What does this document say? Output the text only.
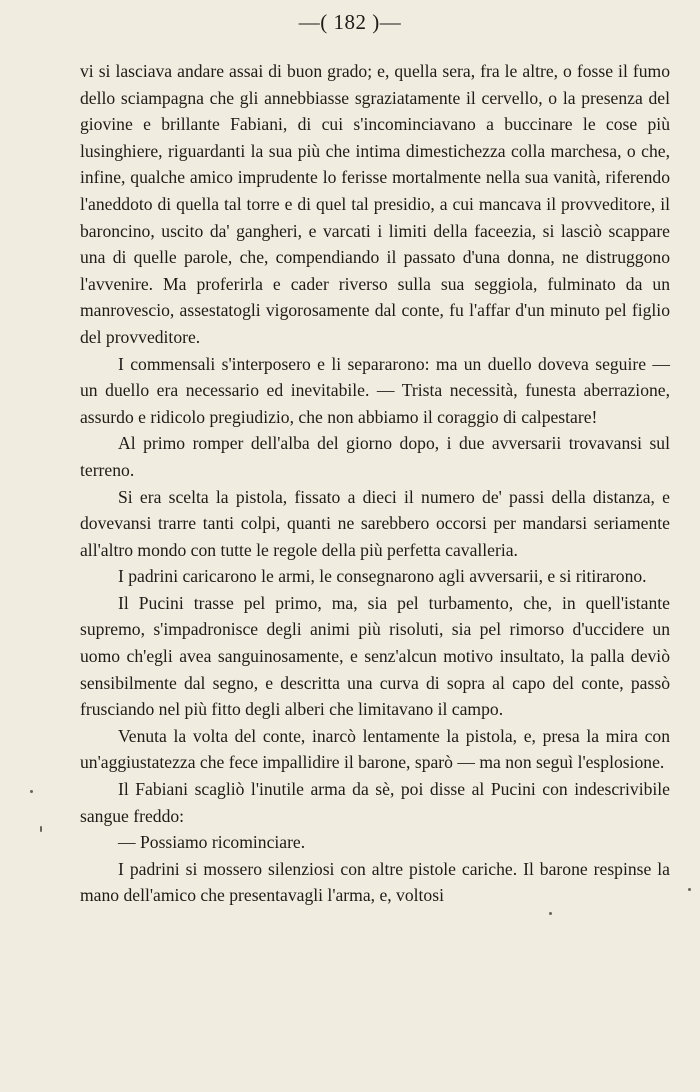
—( 182 )—

vi si lasciava andare assai di buon grado; e, quella sera, fra le altre, o fosse il fumo dello sciampagna che gli annebbiasse sgraziatamente il cervello, o la presenza del giovine e brillante Fabiani, di cui s'incominciavano a buccinare le cose più lusinghiere, riguardanti la sua più che intima dimestichezza colla marchesa, o che, infine, qualche amico imprudente lo ferisse mortalmente nella sua vanità, riferendo l'aneddoto di quella tal torre e di quel tal presidio, a cui mancava il provveditore, il baroncino, uscito da' gangheri, e varcati i limiti della faceezia, si lasciò scappare una di quelle parole, che, compendiando il passato d'una donna, ne distruggono l'avvenire. Ma proferirla e cader riverso sulla sua seggiola, fulminato da un manrovescio, assestatogli vigorosamente dal conte, fu l'affar d'un minuto pel figlio del provveditore.

I commensali s'interposero e li separarono: ma un duello doveva seguire — un duello era necessario ed inevitabile. — Trista necessità, funesta aberrazione, assurdo e ridicolo pregiudizio, che non abbiamo il coraggio di calpestare!

Al primo romper dell'alba del giorno dopo, i due avversarii trovavansi sul terreno.

Si era scelta la pistola, fissato a dieci il numero de' passi della distanza, e dovevansi trarre tanti colpi, quanti ne sarebbero occorsi per mandarsi seriamente all'altro mondo con tutte le regole della più perfetta cavalleria.

I padrini caricarono le armi, le consegnarono agli avversarii, e si ritirarono.

Il Pucini trasse pel primo, ma, sia pel turbamento, che, in quell'istante supremo, s'impadronisce degli animi più risoluti, sia pel rimorso d'uccidere un uomo ch'egli avea sanguinosamente, e senz'alcun motivo insultato, la palla deviò sensibilmente dal segno, e descritta una curva di sopra al capo del conte, passò frusciando nel più fitto degli alberi che limitavano il campo.

Venuta la volta del conte, inarcò lentamente la pistola, e, presa la mira con un'aggiustatezza che fece impallidire il barone, sparò — ma non seguì l'esplosione.

Il Fabiani scagliò l'inutile arma da sè, poi disse al Pucini con indescrivibile sangue freddo:

— Possiamo ricominciare.

I padrini si mossero silenziosi con altre pistole cariche. Il barone respinse la mano dell'amico che presentavagli l'arma, e, voltosi
